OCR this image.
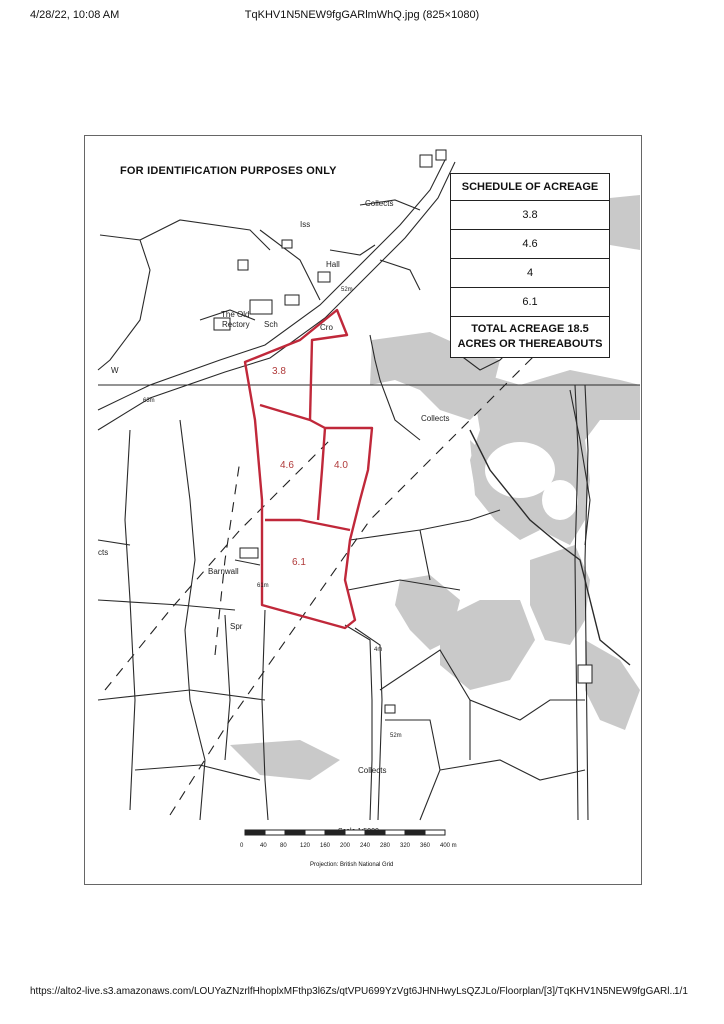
4/28/22, 10:08 AM	TqKHV1N5NEW9fgGARlmWhQ.jpg (825×1080)
FOR IDENTIFICATION PURPOSES ONLY
SCHEDULE OF ACREAGE
3.8
4.6
4
6.1
TOTAL ACREAGE 18.5
ACRES OR THEREABOUTS
3.8
4.6	4.0
6.1
Collects
Iss
Hall
The Old
Rectory Sch	Cro
W
Collects
cts
Barnwall
Spr
Collects
52m
63m
61m
4m
52m
0	40 80 120 160 200 240 280 320 360 400 m
Projection: British National Grid
https://alto2-live.s3.amazonaws.com/LOUYaZNzrlfHhoplxMFthp3l6Zs/qtVPU699YzVgt6JHNHwyLsQZJLo/Floorplan/[3]/TqKHV1N5NEW9fgGARl...
1/1
